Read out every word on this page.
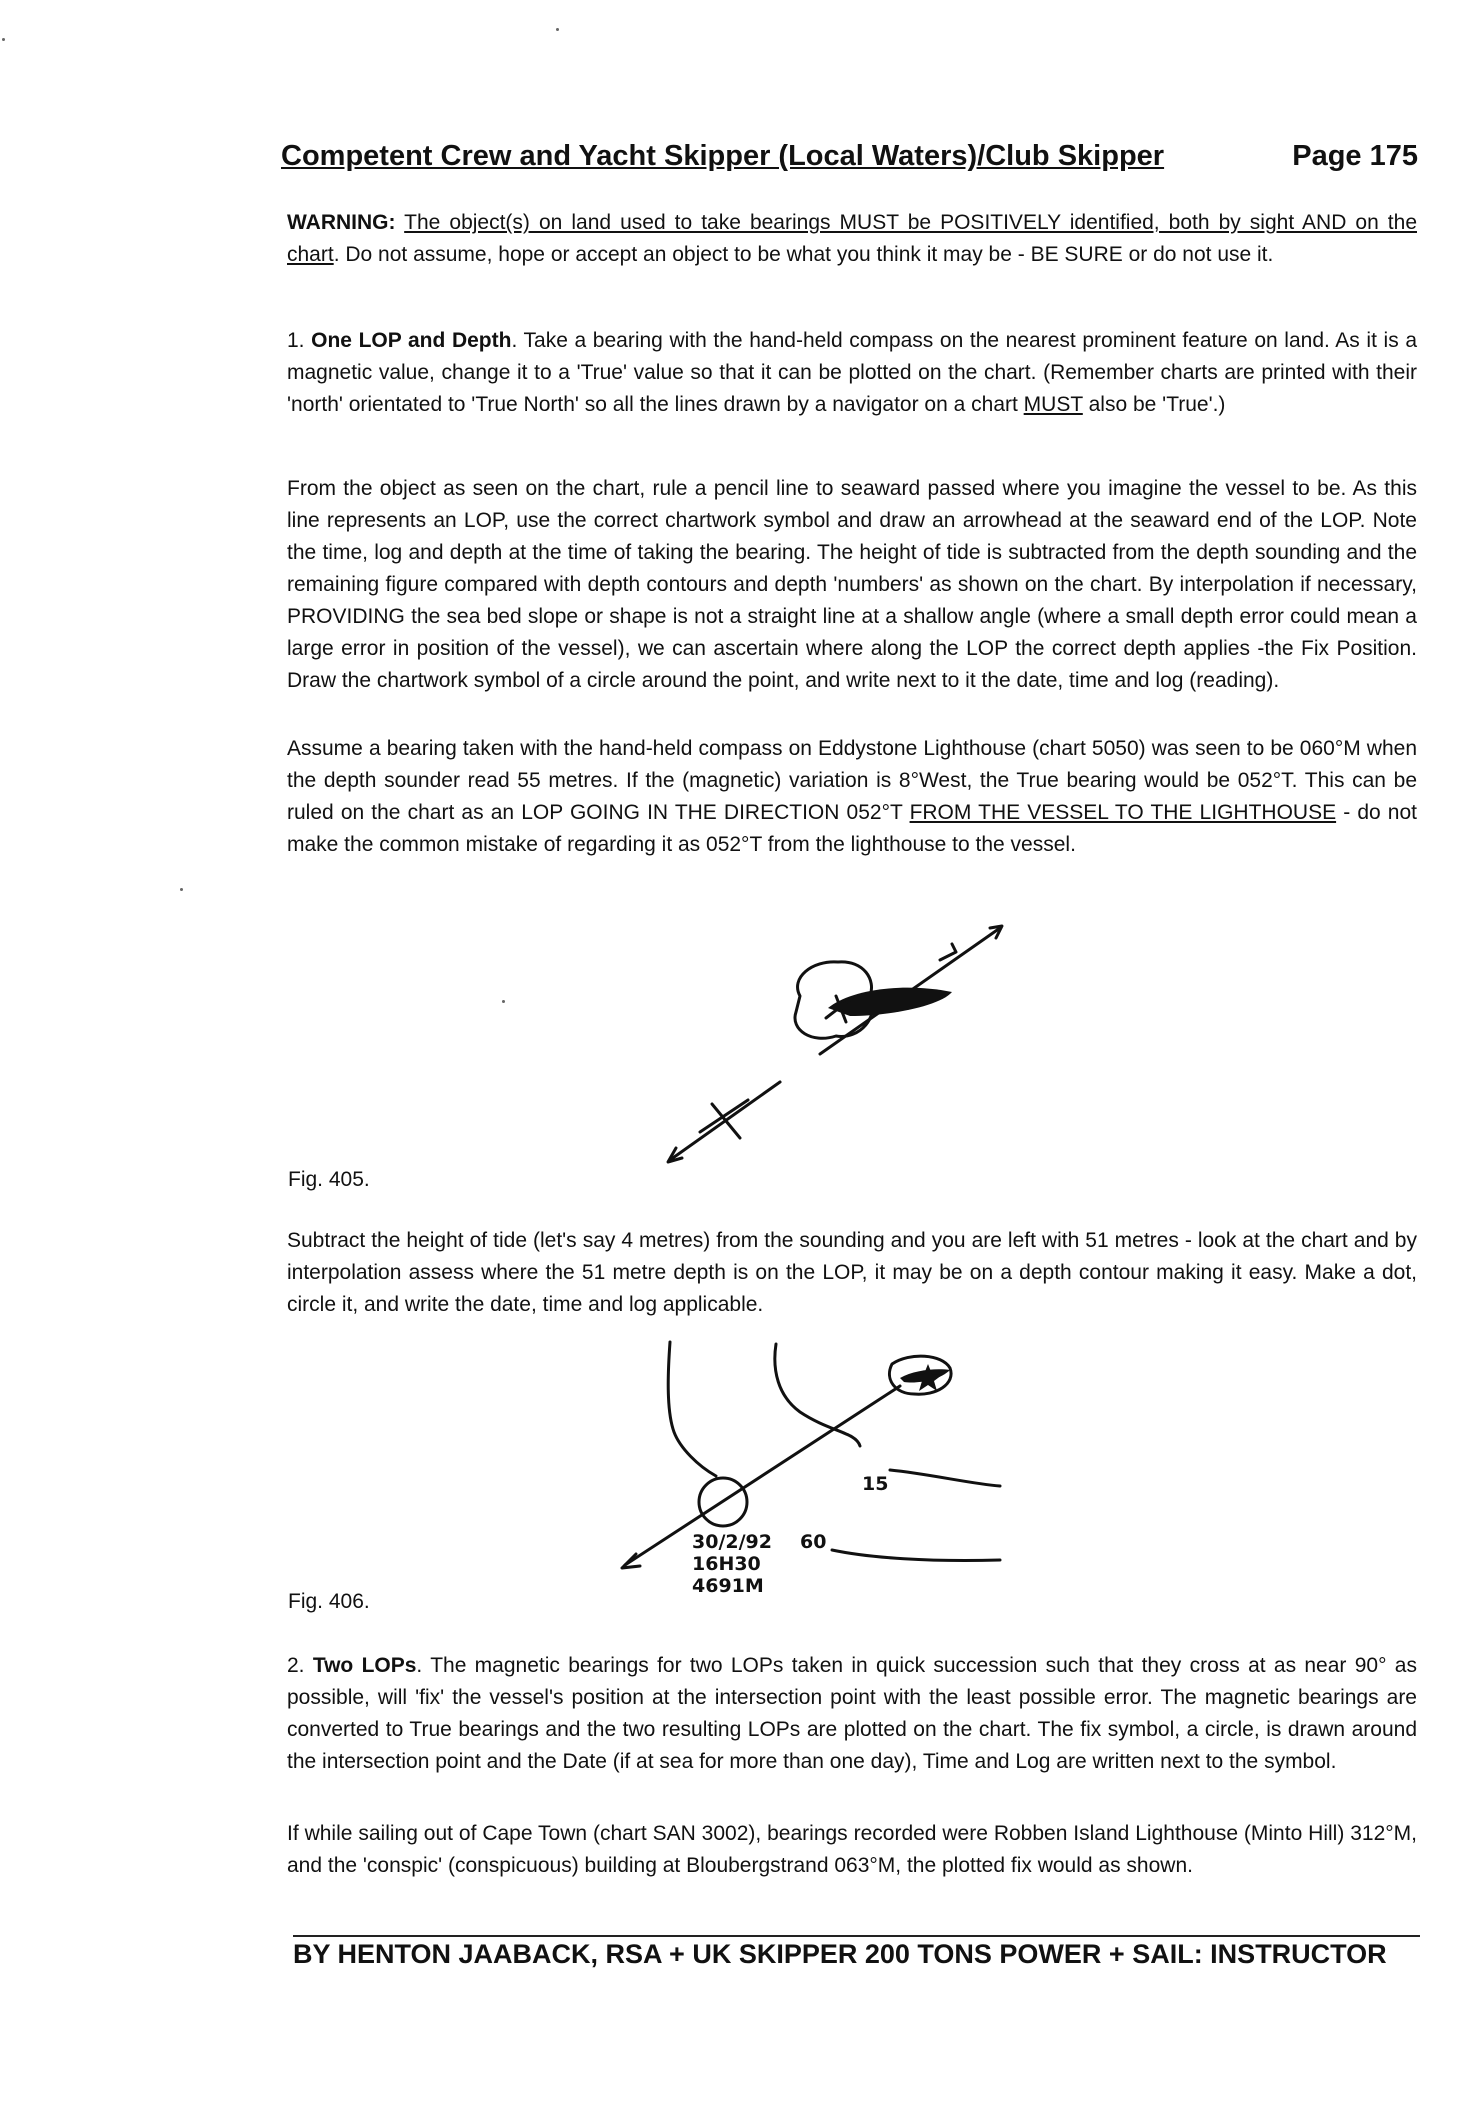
Competent Crew and Yacht Skipper (Local Waters)/Club Skipper	Page 175

WARNING: The object(s) on land used to take bearings MUST be POSITIVELY identified, both by sight AND on the chart. Do not assume, hope or accept an object to be what you think it may be - BE SURE or do not use it.

1. One LOP and Depth. Take a bearing with the hand-held compass on the nearest prominent feature on land. As it is a magnetic value, change it to a 'True' value so that it can be plotted on the chart. (Remember charts are printed with their 'north' orientated to 'True North' so all the lines drawn by a navigator on a chart MUST also be 'True'.)

From the object as seen on the chart, rule a pencil line to seaward passed where you imagine the vessel to be. As this line represents an LOP, use the correct chartwork symbol and draw an arrowhead at the seaward end of the LOP. Note the time, log and depth at the time of taking the bearing. The height of tide is subtracted from the depth sounding and the remaining figure compared with depth contours and depth 'numbers' as shown on the chart. By interpolation if necessary, PROVIDING the sea bed slope or shape is not a straight line at a shallow angle (where a small depth error could mean a large error in position of the vessel), we can ascertain where along the LOP the correct depth applies -the Fix Position. Draw the chartwork symbol of a circle around the point, and write next to it the date, time and log (reading).

Assume a bearing taken with the hand-held compass on Eddystone Lighthouse (chart 5050) was seen to be 060°M when the depth sounder read 55 metres. If the (magnetic) variation is 8°West, the True bearing would be 052°T. This can be ruled on the chart as an LOP GOING IN THE DIRECTION 052°T FROM THE VESSEL TO THE LIGHTHOUSE - do not make the common mistake of regarding it as 052°T from the lighthouse to the vessel.

Fig. 405.

Subtract the height of tide (let's say 4 metres) from the sounding and you are left with 51 metres - look at the chart and by interpolation assess where the 51 metre depth is on the LOP, it may be on a depth contour making it easy. Make a dot, circle it, and write the date, time and log applicable.

15
60
30/2/92
16H30
4691M
Fig. 406.

2. Two LOPs. The magnetic bearings for two LOPs taken in quick succession such that they cross at as near 90° as possible, will 'fix' the vessel's position at the intersection point with the least possible error. The magnetic bearings are converted to True bearings and the two resulting LOPs are plotted on the chart. The fix symbol, a circle, is drawn around the intersection point and the Date (if at sea for more than one day), Time and Log are written next to the symbol.

If while sailing out of Cape Town (chart SAN 3002), bearings recorded were Robben Island Lighthouse (Minto Hill) 312°M, and the 'conspic' (conspicuous) building at Bloubergstrand 063°M, the plotted fix would as shown.

BY HENTON JAABACK, RSA + UK SKIPPER 200 TONS POWER + SAIL: INSTRUCTOR
